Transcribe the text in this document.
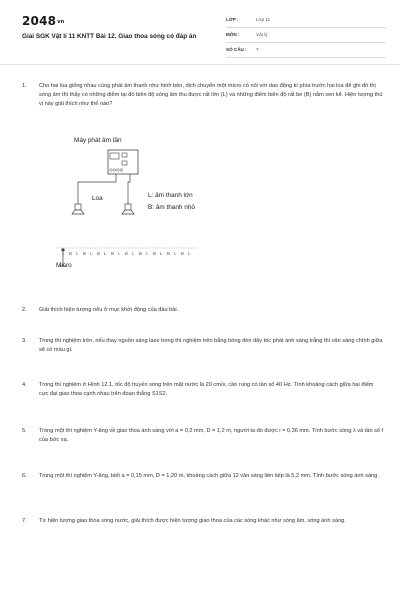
$2048^{vn}$
Giải SGK Vật lí 11 KNTT Bài 12. Giao thoa sóng có đáp án
LỚP :	Lớp 11
MÔN :	Vật lý
SỐ CÂU : 7
1. Cho hai loa giống nhau cùng phát âm thanh như hình bên, dịch chuyển một micro có nối với dao động kí phía trước hai loa để ghi đồ thị sóng âm thì thấy có những điểm tại đó biên độ sóng âm thu được rất lớn (L) và những điểm biên độ rất bé (B) nằm xen kẽ. Hiện tượng thú vị này giải thích như thế nào?
Máy phát âm tần
Loa	L: âm thanh lớn
B: âm thanh nhỏ
L B L B L B L B L B L B L B L B L B L
Micro
2. Giải thích hiện tượng nêu ở mục khởi động của đầu bài.
3. Trong thí nghiệm trên, nếu thay nguồn sáng laze trong thí nghiệm trên bằng bóng đèn dây tóc phát ánh sáng trắng thì vân sáng chính giữa sẽ có màu gì.
4. Trong thí nghiệm ở Hình 12.1, tốc độ truyền sóng trên mặt nước là 20 cm/s, cần rung có tần số 40 Hz. Tính khoảng cách giữa hai điểm cực đại giao thoa cạnh nhau trên đoạn thẳng S1S2.
5. Trong một thí nghiệm Y-âng về giao thoa ánh sáng với a = 0,2 mm, D = 1,2 m, người ta đo được i = 0,36 mm. Tính bước sóng λ và tần số f của bức xạ.
6. Trong một thí nghiệm Y-âng, biết a = 0,15 mm, D = 1,20 m, khoảng cách giữa 12 vân sáng liên tiếp là 5,2 mm. Tính bước sóng ánh sáng.
7. Từ hiện tượng giao thoa sóng nước, giải thích được hiện tượng giao thoa của các sóng khác như sóng âm, sóng ánh sáng.
